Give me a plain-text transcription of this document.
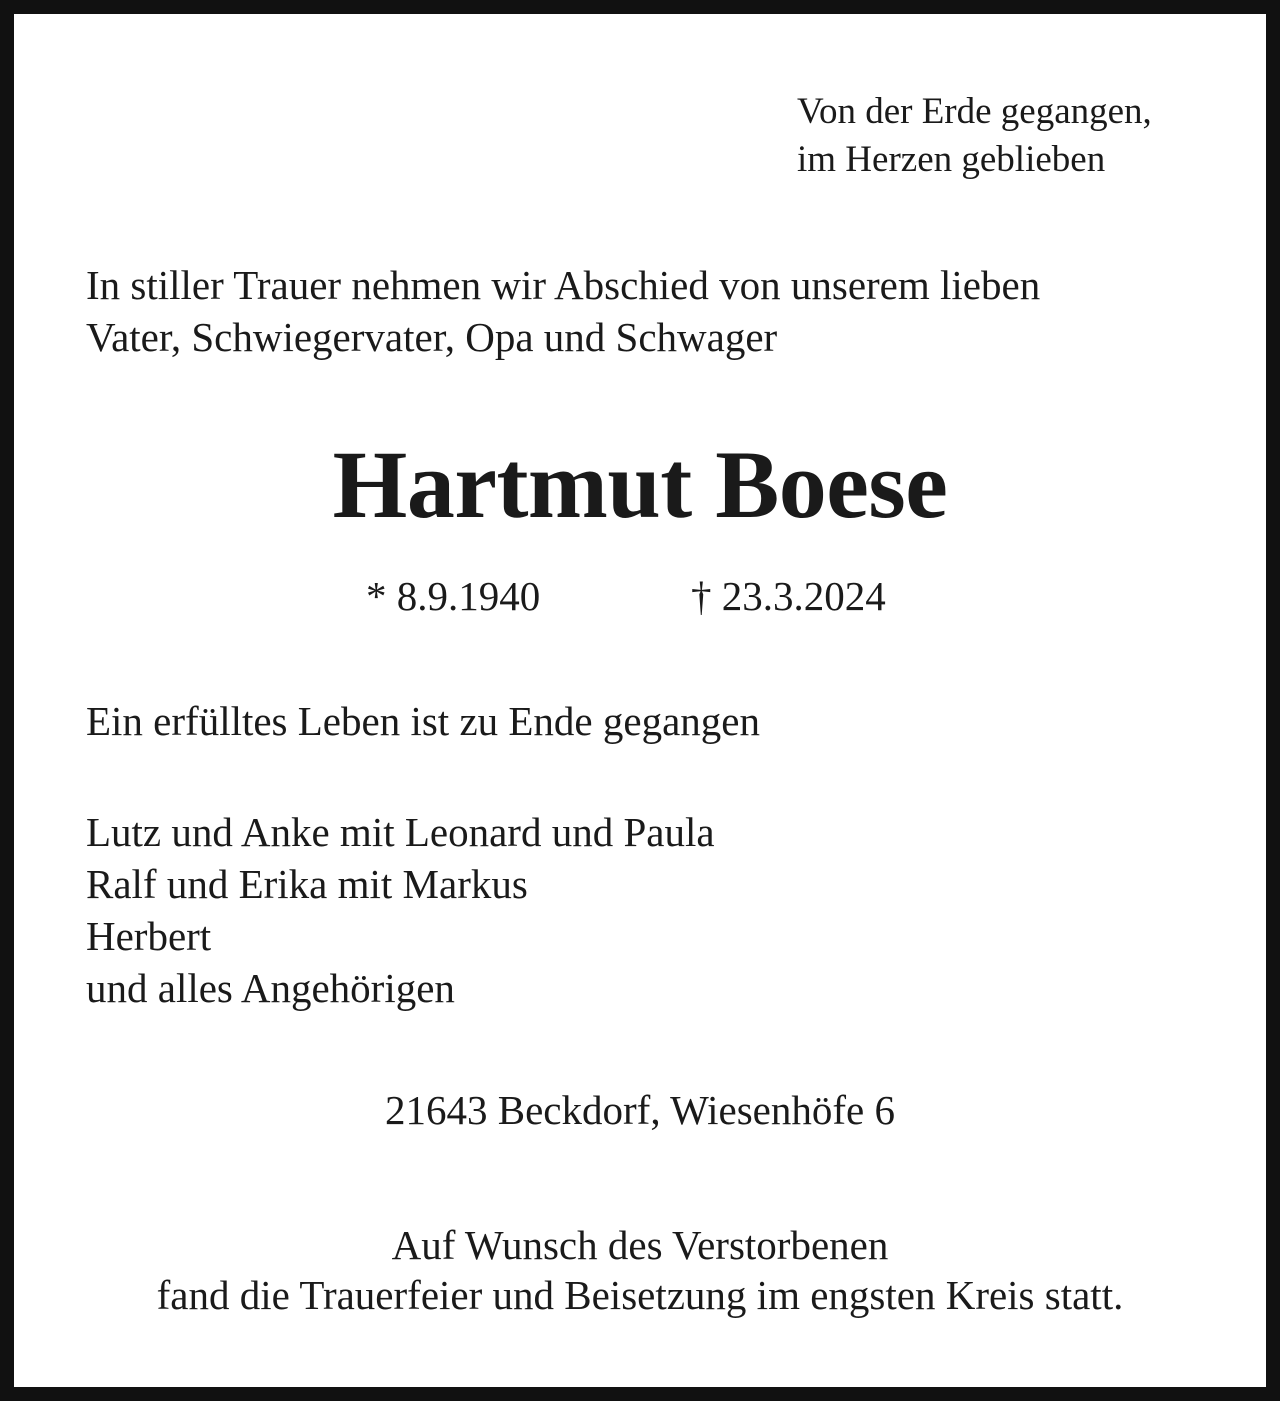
Von der Erde gegangen,
im Herzen geblieben
In stiller Trauer nehmen wir Abschied von unserem lieben
Vater, Schwiegervater, Opa und Schwager
Hartmut Boese
* 8.9.1940	† 23.3.2024
Ein erfülltes Leben ist zu Ende gegangen
Lutz und Anke mit Leonard und Paula
Ralf und Erika mit Markus
Herbert
und alles Angehörigen
21643 Beckdorf, Wiesenhöfe 6
Auf Wunsch des Verstorbenen
fand die Trauerfeier und Beisetzung im engsten Kreis statt.
